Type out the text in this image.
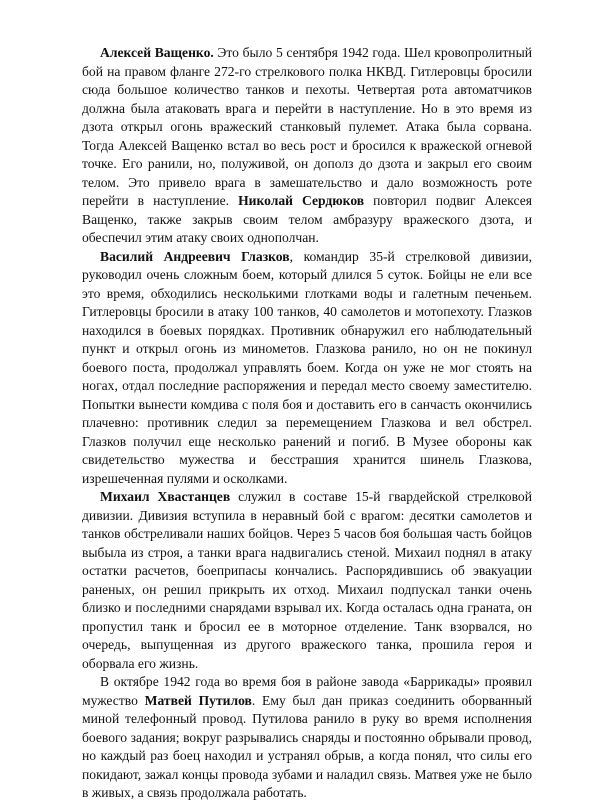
Алексей Ващенко. Это было 5 сентября 1942 года. Шел кровопролитный бой на правом фланге 272-го стрелкового полка НКВД. Гитлеровцы бросили сюда большое количество танков и пехоты. Четвертая рота автоматчиков должна была атаковать врага и перейти в наступление. Но в это время из дзота открыл огонь вражеский станковый пулемет. Атака была сорвана. Тогда Алексей Ващенко встал во весь рост и бросился к вражеской огневой точке. Его ранили, но, полуживой, он дополз до дзота и закрыл его своим телом. Это привело врага в замешательство и дало возможность роте перейти в наступление. Николай Сердюков повторил подвиг Алексея Ващенко, также закрыв своим телом амбразуру вражеского дзота, и обеспечил этим атаку своих однополчан.

Василий Андреевич Глазков, командир 35-й стрелковой дивизии, руководил очень сложным боем, который длился 5 суток. Бойцы не ели все это время, обходились несколькими глотками воды и галетным печеньем. Гитлеровцы бросили в атаку 100 танков, 40 самолетов и мотопехоту. Глазков находился в боевых порядках. Противник обнаружил его наблюдательный пункт и открыл огонь из минометов. Глазкова ранило, но он не покинул боевого поста, продолжал управлять боем. Когда он уже не мог стоять на ногах, отдал последние распоряжения и передал место своему заместителю. Попытки вынести комдива с поля боя и доставить его в санчасть окончились плачевно: противник следил за перемещением Глазкова и вел обстрел. Глазков получил еще несколько ранений и погиб. В Музее обороны как свидетельство мужества и бесстрашия хранится шинель Глазкова, изрешеченная пулями и осколками.

Михаил Хвастанцев служил в составе 15-й гвардейской стрелковой дивизии. Дивизия вступила в неравный бой с врагом: десятки самолетов и танков обстреливали наших бойцов. Через 5 часов боя большая часть бойцов выбыла из строя, а танки врага надвигались стеной. Михаил поднял в атаку остатки расчетов, боеприпасы кончались. Распорядившись об эвакуации раненых, он решил прикрыть их отход. Михаил подпускал танки очень близко и последними снарядами взрывал их. Когда осталась одна граната, он пропустил танк и бросил ее в моторное отделение. Танк взорвался, но очередь, выпущенная из другого вражеского танка, прошила героя и оборвала его жизнь.

В октябре 1942 года во время боя в районе завода «Баррикады» проявил мужество Матвей Путилов. Ему был дан приказ соединить оборванный миной телефонный провод. Путилова ранило в руку во время исполнения боевого задания; вокруг разрывались снаряды и постоянно обрывали провод, но каждый раз боец находил и устранял обрыв, а когда понял, что силы его покидают, зажал концы провода зубами и наладил связь. Матвея уже не было в живых, а связь продолжала работать.
